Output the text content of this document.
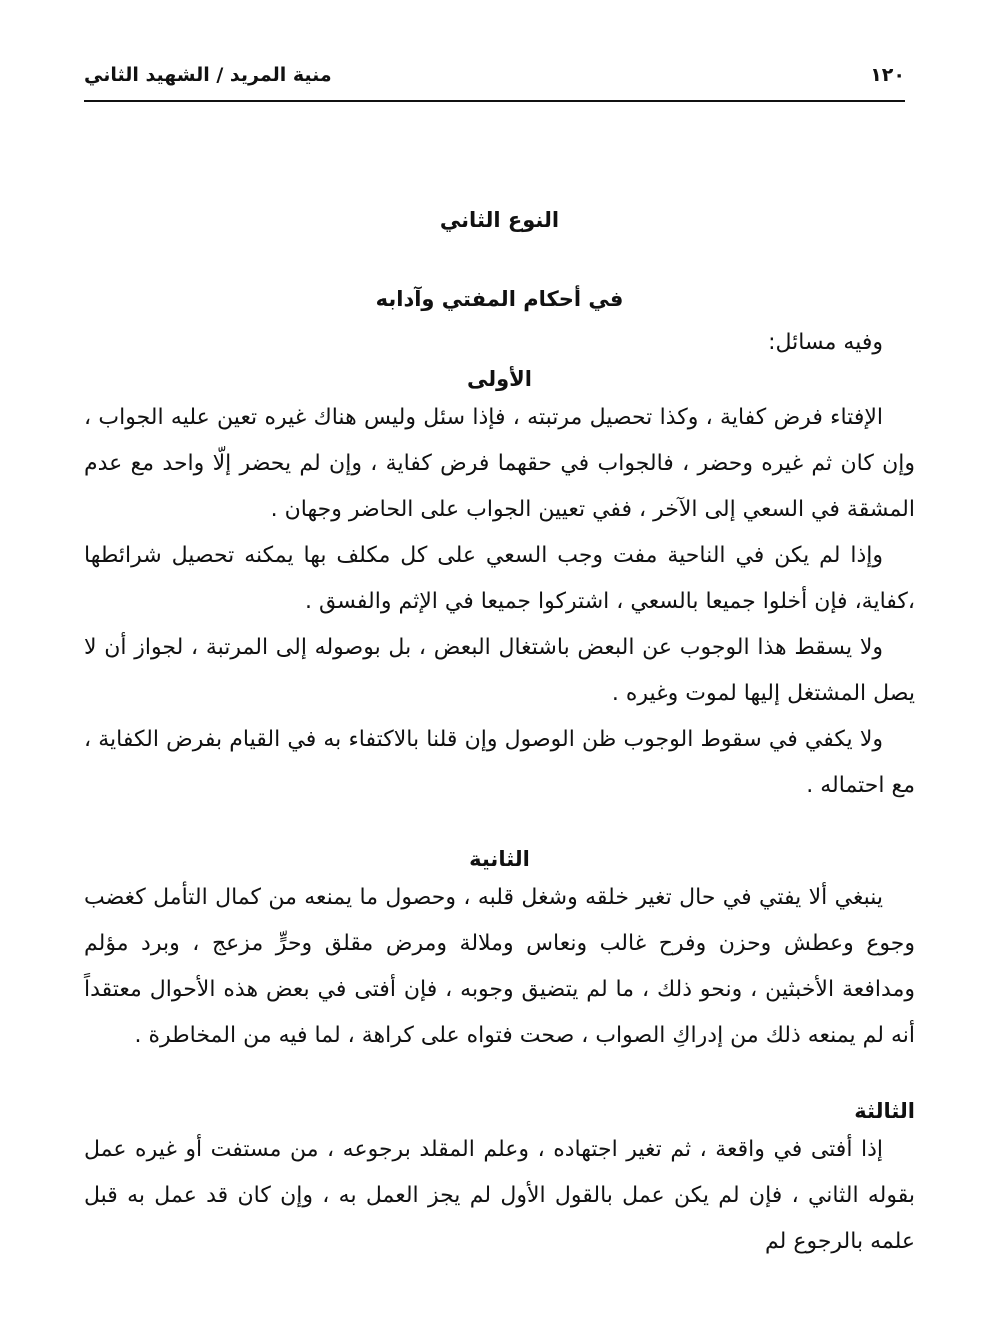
١٢٠
منية المريد / الشهيد الثاني
النوع الثاني
في أحكام المفتي وآدابه
وفيه مسائل:
الأولى

الإفتاء فرض كفاية ، وكذا تحصيل مرتبته ، فإذا سئل وليس هناك غيره تعين عليه الجواب ، وإن كان ثم غيره وحضر ، فالجواب في حقهما فرض كفاية ، وإن لم يحضر إلّا واحد مع عدم المشقة في السعي إلى الآخر ، ففي تعيين الجواب على الحاضر وجهان .

وإذا لم يكن في الناحية مفت وجب السعي على كل مكلف بها يمكنه تحصيل شرائطها ،كفاية، فإن أخلوا جميعا بالسعي ، اشتركوا جميعا في الإثم والفسق .

ولا يسقط هذا الوجوب عن البعض باشتغال البعض ، بل بوصوله إلى المرتبة ، لجواز أن لا يصل المشتغل إليها لموت وغيره .

ولا يكفي في سقوط الوجوب ظن الوصول وإن قلنا بالاكتفاء به في القيام بفرض الكفاية ، مع احتماله .

الثانية

ينبغي ألا يفتي في حال تغير خلقه وشغل قلبه ، وحصول ما يمنعه من كمال التأمل كغضب وجوع وعطش وحزن وفرح غالب ونعاس وملالة ومرض مقلق وحرٍّ مزعج ، وبرد مؤلم ومدافعة الأخبثين ، ونحو ذلك ، ما لم يتضيق وجوبه ، فإن أفتى في بعض هذه الأحوال معتقداً أنه لم يمنعه ذلك من إدراكِ الصواب ، صحت فتواه على كراهة ، لما فيه من المخاطرة .

الثالثة

إذا أفتى في واقعة ، ثم تغير اجتهاده ، وعلم المقلد برجوعه ، من مستفت أو غيره عمل بقوله الثاني ، فإن لم يكن عمل بالقول الأول لم يجز العمل به ، وإن كان قد عمل به قبل علمه بالرجوع لم
